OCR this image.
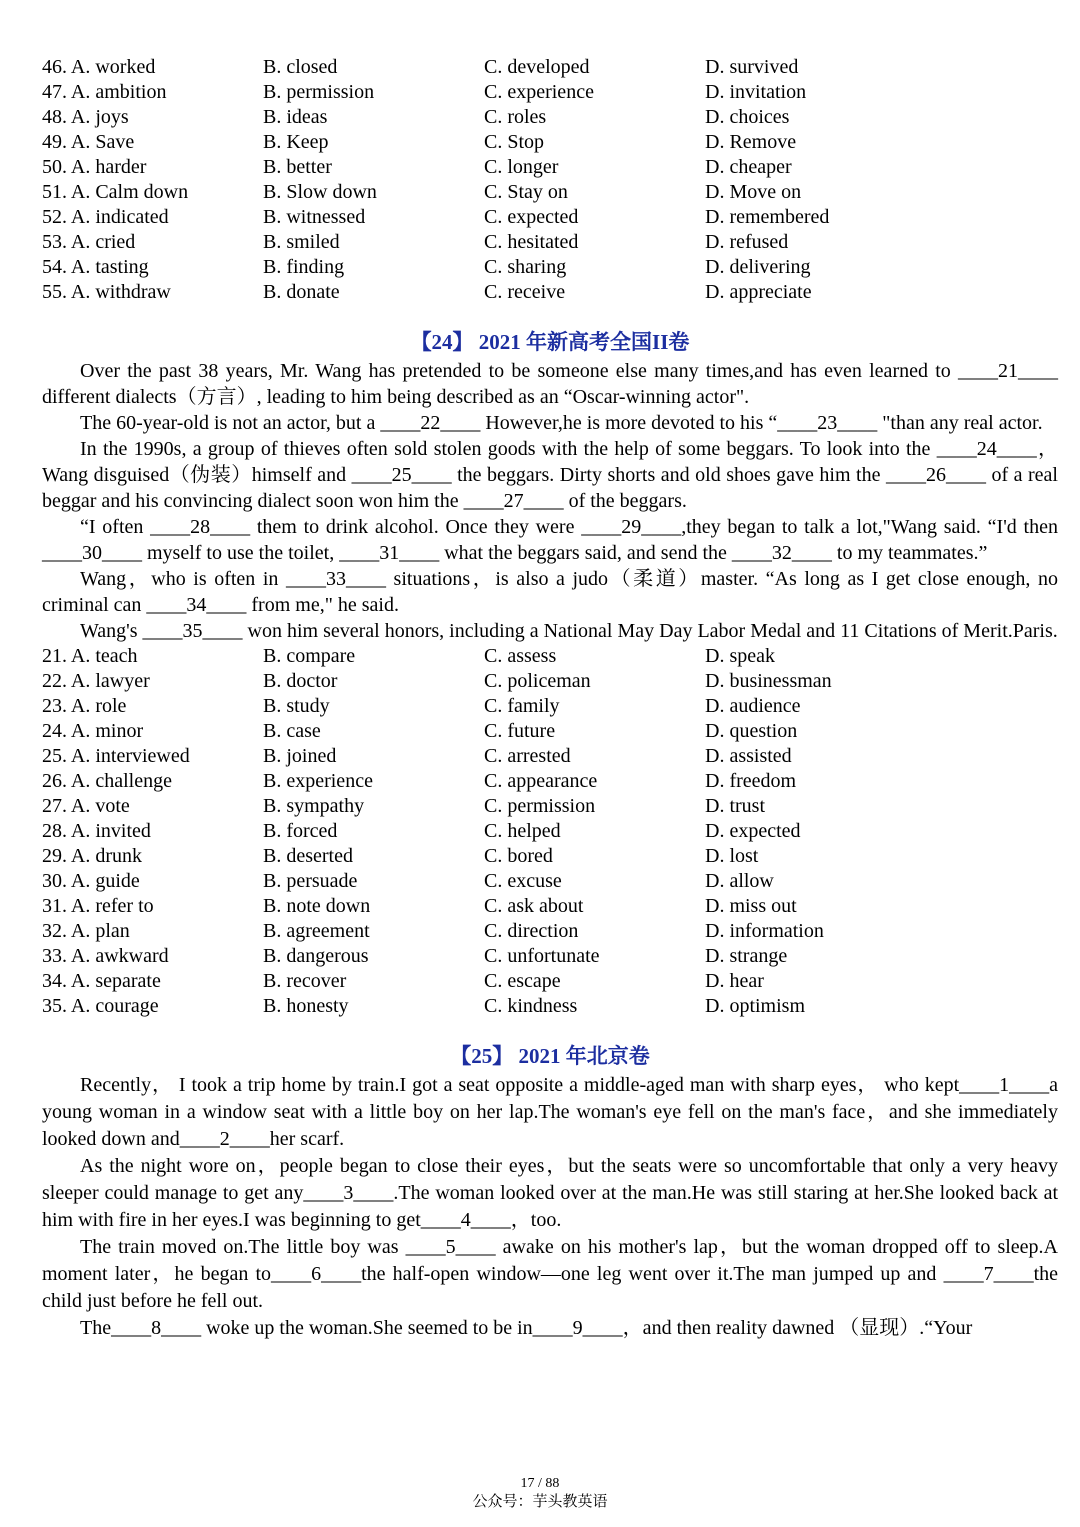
46. A. worked	B. closed	C. developed	D. survived
47. A. ambition	B. permission	C. experience	D. invitation
48. A. joys	B. ideas	C. roles	D. choices
49. A. Save	B. Keep	C. Stop	D. Remove
50. A. harder	B. better	C. longer	D. cheaper
51. A. Calm down	B. Slow down	C. Stay on	D. Move on
52. A. indicated	B. witnessed	C. expected	D. remembered
53. A. cried	B. smiled	C. hesitated	D. refused
54. A. tasting	B. finding	C. sharing	D. delivering
55. A. withdraw	B. donate	C. receive	D. appreciate
【24】 2021 年新高考全国II卷

Over the past 38 years, Mr. Wang has pretended to be someone else many times,and has even learned to ____21____ different dialects（方言）, leading to him being described as an “Oscar-winning actor".

The 60-year-old is not an actor, but a ____22____ However,he is more devoted to his “____23____ "than any real actor.

In the 1990s, a group of thieves often sold stolen goods with the help of some beggars. To look into the ____24____，Wang disguised（伪装）himself and ____25____ the beggars. Dirty shorts and old shoes gave him the ____26____ of a real beggar and his convincing dialect soon won him the ____27____ of the beggars.

“I often ____28____ them to drink alcohol. Once they were ____29____,they began to talk a lot,"Wang said. “I'd then ____30____ myself to use the toilet, ____31____ what the beggars said, and send the ____32____ to my teammates.”

Wang，who is often in ____33____ situations，is also a judo（柔道）master. “As long as I get close enough, no criminal can ____34____ from me," he said.

Wang's ____35____ won him several honors, including a National May Day Labor Medal and 11 Citations of Merit.Paris.

21. A. teach	B. compare	C. assess	D. speak
22. A. lawyer	B. doctor	C. policeman	D. businessman
23. A. role	B. study	C. family	D. audience
24. A. minor	B. case	C. future	D. question
25. A. interviewed	B. joined	C. arrested	D. assisted
26. A. challenge	B. experience	C. appearance	D. freedom
27. A. vote	B. sympathy	C. permission	D. trust
28. A. invited	B. forced	C. helped	D. expected
29. A. drunk	B. deserted	C. bored	D. lost
30. A. guide	B. persuade	C. excuse	D. allow
31. A. refer to	B. note down	C. ask about	D. miss out
32. A. plan	B. agreement	C. direction	D. information
33. A. awkward	B. dangerous	C. unfortunate	D. strange
34. A. separate	B. recover	C. escape	D. hear
35. A. courage	B. honesty	C. kindness	D. optimism
【25】 2021 年北京卷

Recently， I took a trip home by train.I got a seat opposite a middle-aged man with sharp eyes， who kept____1____a young woman in a window seat with a little boy on her lap.The woman's eye fell on the man's face，and she immediately looked down and____2____her scarf.

As the night wore on，people began to close their eyes，but the seats were so uncomfortable that only a very heavy sleeper could manage to get any____3____.The woman looked over at the man.He was still staring at her.She looked back at him with fire in her eyes.I was beginning to get____4____，too.

The train moved on.The little boy was ____5____ awake on his mother's lap，but the woman dropped off to sleep.A moment later，he began to____6____the half-open window—one leg went over it.The man jumped up and ____7____the child just before he fell out.

The____8____ woke up the woman.She seemed to be in____9____，and then reality dawned （显现）.“Your

17 / 88
公众号：芋头教英语
